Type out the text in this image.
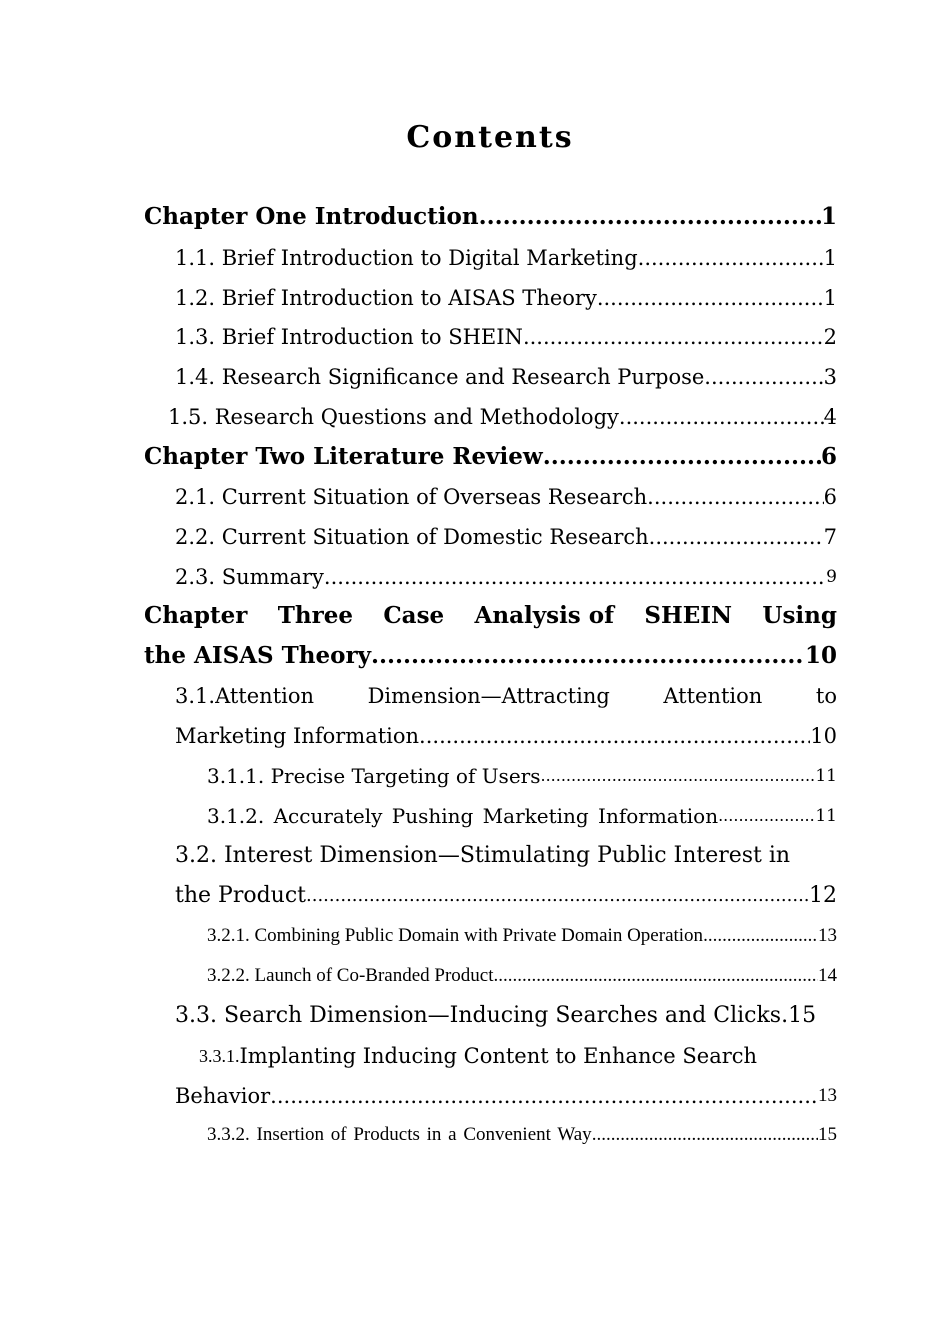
Contents
Chapter One Introduction .....	1
1.1. Brief Introduction to Digital Marketing .....	1
1.2. Brief Introduction to AISAS Theory .....	1
1.3. Brief Introduction to SHEIN .....	2
1.4. Research Significance and Research Purpose .....	3
1.5. Research Questions and Methodology .....	4
Chapter Two Literature Review .....	6
2.1. Current Situation of Overseas Research .....	6
2.2. Current Situation of Domestic Research .....	7
2.3. Summary .....	9
Chapter Three Case Analysis of SHEIN Using
the AISAS Theory .....	10
3.1.Attention	Dimension—Attracting	Attention	to
Marketing Information .....	10
3.1.1. Precise Targeting of Users .....	11
3.1.2. Accurately Pushing Marketing Information .....	11
3.2. Interest Dimension—Stimulating Public Interest in
the Product .....	12
3.2.1. Combining Public Domain with Private Domain Operation .....	13
3.2.2. Launch of Co-Branded Product .....	14
3.3. Search Dimension—Inducing Searches and Clicks. 15
3.3.1. Implanting Inducing Content to Enhance Search
Behavior .....	13
3.3.2. Insertion of Products in a Convenient Way .....	15
